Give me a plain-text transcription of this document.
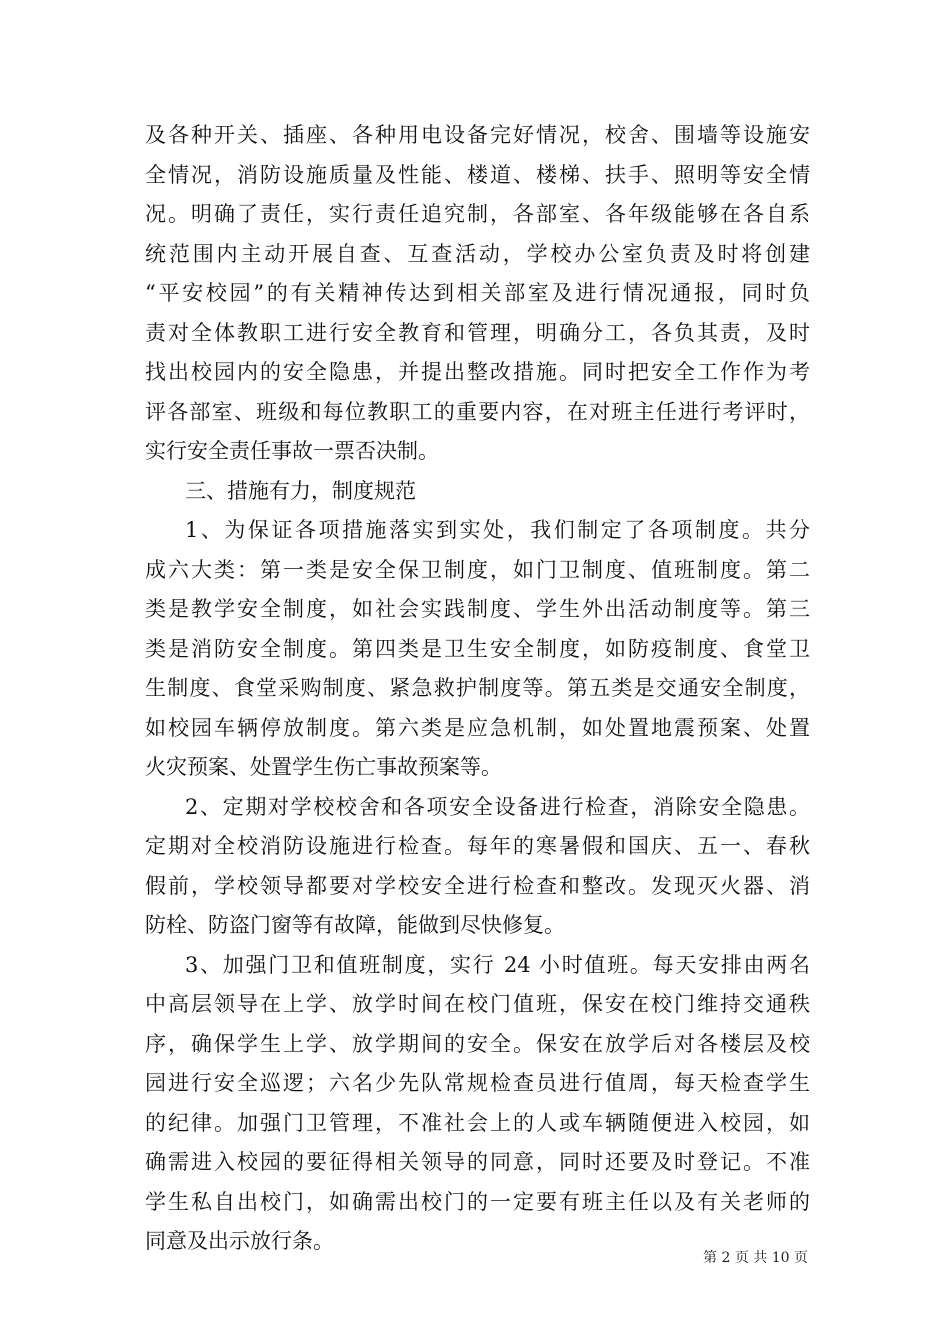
及各种开关、插座、各种用电设备完好情况，校舍、围墙等设施安
全情况，消防设施质量及性能、楼道、楼梯、扶手、照明等安全情
况。明确了责任，实行责任追究制，各部室、各年级能够在各自系
统范围内主动开展自查、互查活动，学校办公室负责及时将创建
“平安校园”的有关精神传达到相关部室及进行情况通报，同时负
责对全体教职工进行安全教育和管理，明确分工，各负其责，及时
找出校园内的安全隐患，并提出整改措施。同时把安全工作作为考
评各部室、班级和每位教职工的重要内容，在对班主任进行考评时，
实行安全责任事故一票否决制。
三、措施有力，制度规范
1、为保证各项措施落实到实处，我们制定了各项制度。共分
成六大类：第一类是安全保卫制度，如门卫制度、值班制度。第二
类是教学安全制度，如社会实践制度、学生外出活动制度等。第三
类是消防安全制度。第四类是卫生安全制度，如防疫制度、食堂卫
生制度、食堂采购制度、紧急救护制度等。第五类是交通安全制度，
如校园车辆停放制度。第六类是应急机制，如处置地震预案、处置
火灾预案、处置学生伤亡事故预案等。
2、定期对学校校舍和各项安全设备进行检查，消除安全隐患。
定期对全校消防设施进行检查。每年的寒暑假和国庆、五一、春秋
假前，学校领导都要对学校安全进行检查和整改。发现灭火器、消
防栓、防盗门窗等有故障，能做到尽快修复。
3、加强门卫和值班制度，实行 24 小时值班。每天安排由两名
中高层领导在上学、放学时间在校门值班，保安在校门维持交通秩
序，确保学生上学、放学期间的安全。保安在放学后对各楼层及校
园进行安全巡逻；六名少先队常规检查员进行值周，每天检查学生
的纪律。加强门卫管理，不准社会上的人或车辆随便进入校园，如
确需进入校园的要征得相关领导的同意，同时还要及时登记。不准
学生私自出校门，如确需出校门的一定要有班主任以及有关老师的
同意及出示放行条。
第 2 页 共 10 页
